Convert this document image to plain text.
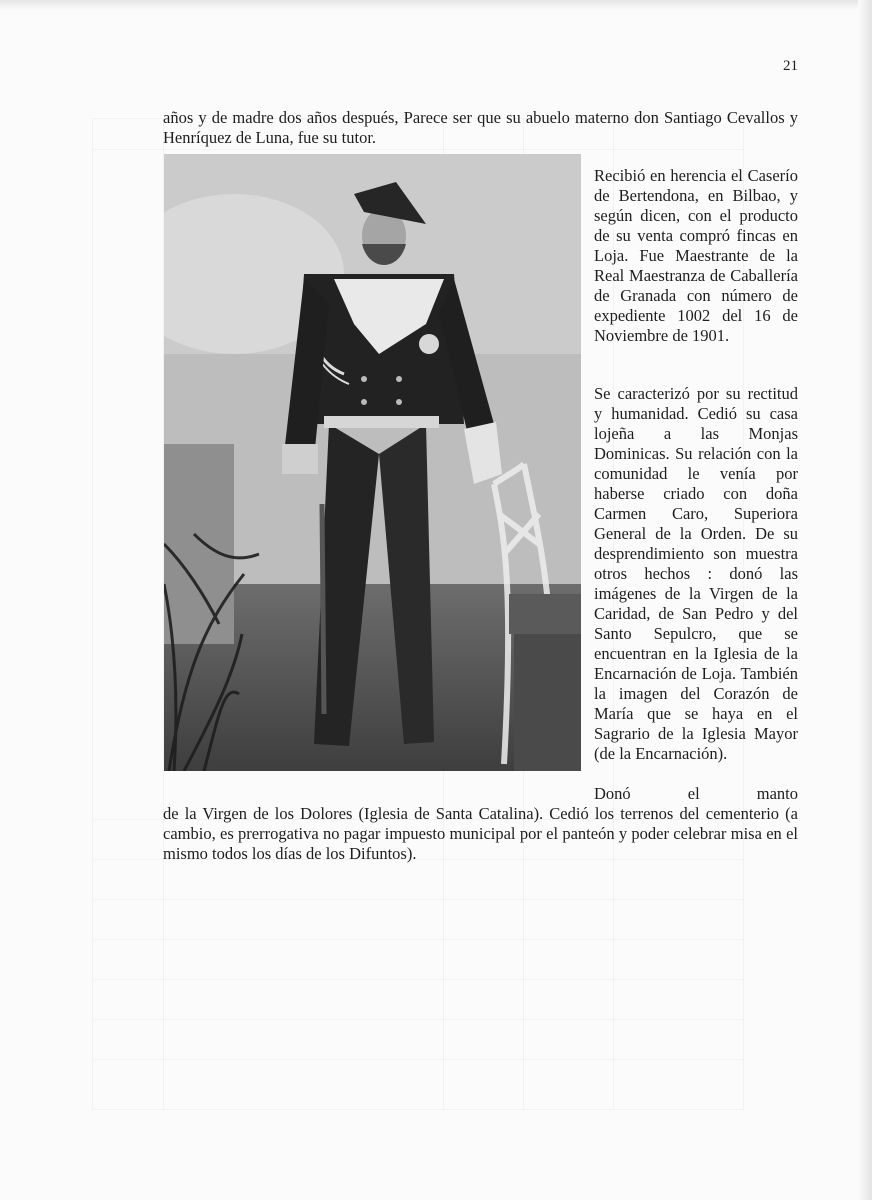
21

años y de madre dos años después, Parece ser que su abuelo materno don Santiago Cevallos y Henríquez de Luna, fue su tutor.

Recibió en herencia el Caserío de Bertendona, en Bilbao, y según dicen, con el producto de su venta compró fincas en Loja. Fue Maestrante de la Real Maestranza de Caballería de Granada con número de expediente 1002 del 16 de Noviembre de 1901.

Se caracterizó por su rectitud y humanidad. Cedió su casa lojeña a las Monjas Dominicas. Su relación con la comunidad le venía por haberse criado con doña Carmen Caro, Superiora General de la Orden. De su desprendimiento son muestra otros hechos : donó las imágenes de la Virgen de la Caridad, de San Pedro y del Santo Sepulcro, que se encuentran en la Iglesia de la Encarnación de Loja. También la imagen del Corazón de María que se haya en el Sagrario de la Iglesia Mayor (de la Encarnación).

Donó el manto
de la Virgen de los Dolores (Iglesia de Santa Catalina). Cedió los terrenos del cementerio (a cambio, es prerrogativa no pagar impuesto municipal por el panteón y poder celebrar misa en el mismo todos los días de los Difuntos).
